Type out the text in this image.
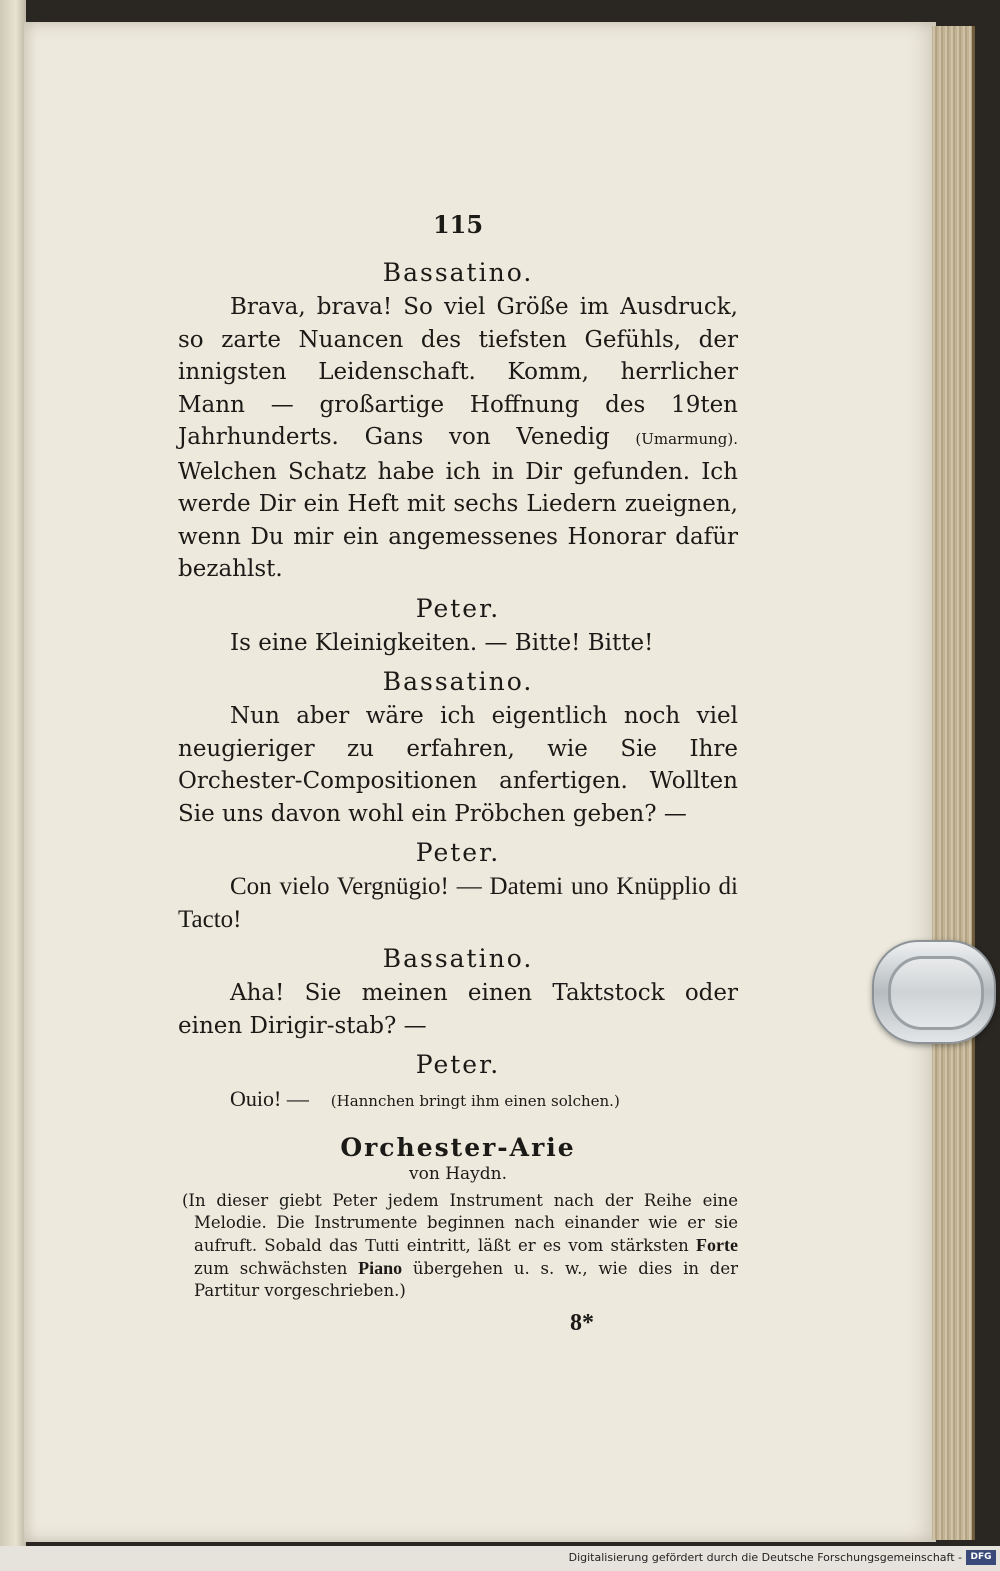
115
Bassatino.

Brava, brava! So viel Größe im Ausdruck, so zarte Nuancen des tiefsten Gefühls, der innigsten Leidenschaft. Komm, herrlicher Mann — großartige Hoffnung des 19ten Jahrhunderts. Gans von Venedig (Umarmung). Welchen Schatz habe ich in Dir gefunden. Ich werde Dir ein Heft mit sechs Liedern zueignen, wenn Du mir ein angemessenes Honorar dafür bezahlst.

Peter.

Is eine Kleinigkeiten. — Bitte! Bitte!

Bassatino.

Nun aber wäre ich eigentlich noch viel neugieriger zu erfahren, wie Sie Ihre Orchester-Compositionen anfertigen. Wollten Sie uns davon wohl ein Pröbchen geben? —

Peter.

Con vielo Vergnügio! — Datemi uno Knüpplio di Tacto!

Bassatino.

Aha! Sie meinen einen Taktstock oder einen Dirigir-stab? —

Peter.

Ouio! — (Hannchen bringt ihm einen solchen.)

Orchester-Arie
von Haydn.

(In dieser giebt Peter jedem Instrument nach der Reihe eine Melodie. Die Instrumente beginnen nach einander wie er sie aufruft. Sobald das Tutti eintritt, läßt er es vom stärksten Forte zum schwächsten Piano übergehen u. s. w., wie dies in der Partitur vorgeschrieben.)

8*
Digitalisierung gefördert durch die Deutsche Forschungsgemeinschaft - DFG
